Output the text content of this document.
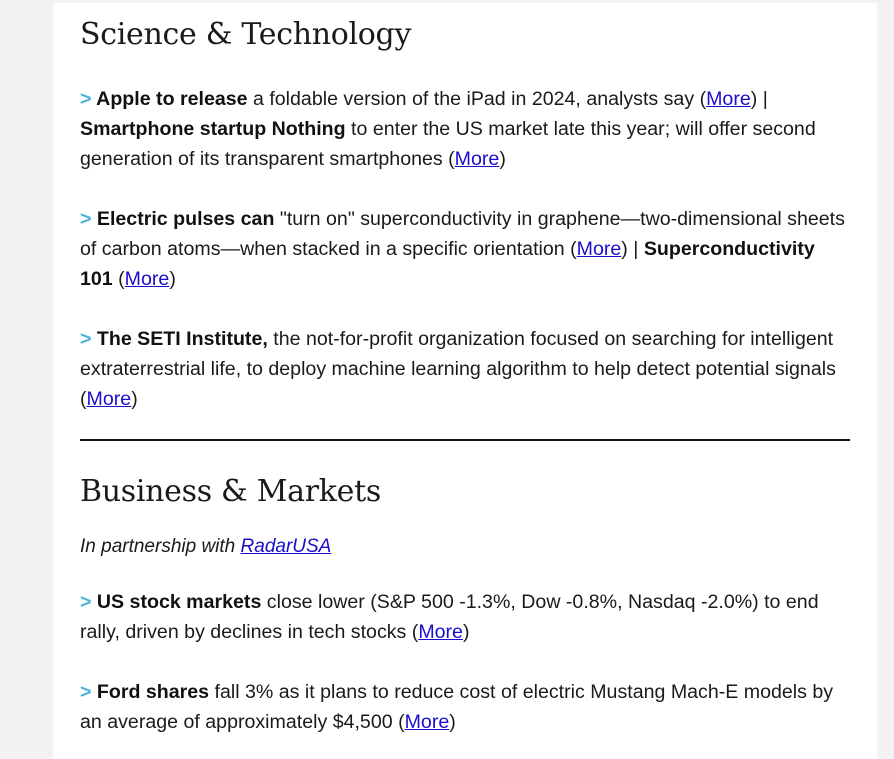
Science & Technology
> Apple to release a foldable version of the iPad in 2024, analysts say (More) | Smartphone startup Nothing to enter the US market late this year; will offer second generation of its transparent smartphones (More)
> Electric pulses can "turn on" superconductivity in graphene—two-dimensional sheets of carbon atoms—when stacked in a specific orientation (More) | Superconductivity 101 (More)
> The SETI Institute, the not-for-profit organization focused on searching for intelligent extraterrestrial life, to deploy machine learning algorithm to help detect potential signals (More)
Business & Markets
In partnership with RadarUSA
> US stock markets close lower (S&P 500 -1.3%, Dow -0.8%, Nasdaq -2.0%) to end rally, driven by declines in tech stocks (More)
> Ford shares fall 3% as it plans to reduce cost of electric Mustang Mach-E models by an average of approximately $4,500 (More)
